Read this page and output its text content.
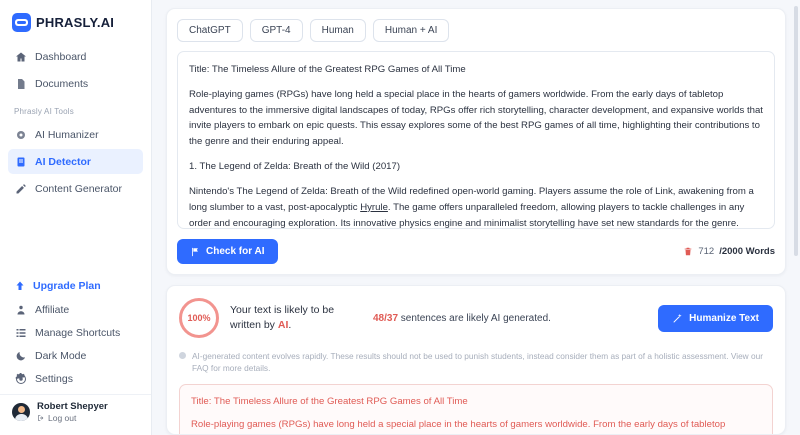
PHRASLY.AI
Dashboard
Documents
Phrasly AI Tools
AI Humanizer
AI Detector
Content Generator
Upgrade Plan
Affiliate
Manage Shortcuts
Dark Mode
Settings
Robert Shepyer
Log out
ChatGPT	GPT-4	Human	Human + AI

Title: The Timeless Allure of the Greatest RPG Games of All Time

Role-playing games (RPGs) have long held a special place in the hearts of gamers worldwide. From the early days of tabletop adventures to the immersive digital landscapes of today, RPGs offer rich storytelling, character development, and expansive worlds that invite players to embark on epic quests. This essay explores some of the best RPG games of all time, highlighting their contributions to the genre and their enduring appeal.

1. The Legend of Zelda: Breath of the Wild (2017)

Nintendo's The Legend of Zelda: Breath of the Wild redefined open-world gaming. Players assume the role of Link, awakening from a long slumber to a vast, post-apocalyptic Hyrule. The game offers unparalleled freedom, allowing players to tackle challenges in any order and encouraging exploration. Its innovative physics engine and minimalist storytelling have set new standards for the genre.

Check for AI	712 /2000 Words
100%
Your text is likely to be written by AI.
48/37 sentences are likely AI generated.	Humanize Text
AI-generated content evolves rapidly. These results should not be used to punish students, instead consider them as part of a holistic assessment. View our FAQ for more details.

Title: The Timeless Allure of the Greatest RPG Games of All Time

Role-playing games (RPGs) have long held a special place in the hearts of gamers worldwide. From the early days of tabletop
